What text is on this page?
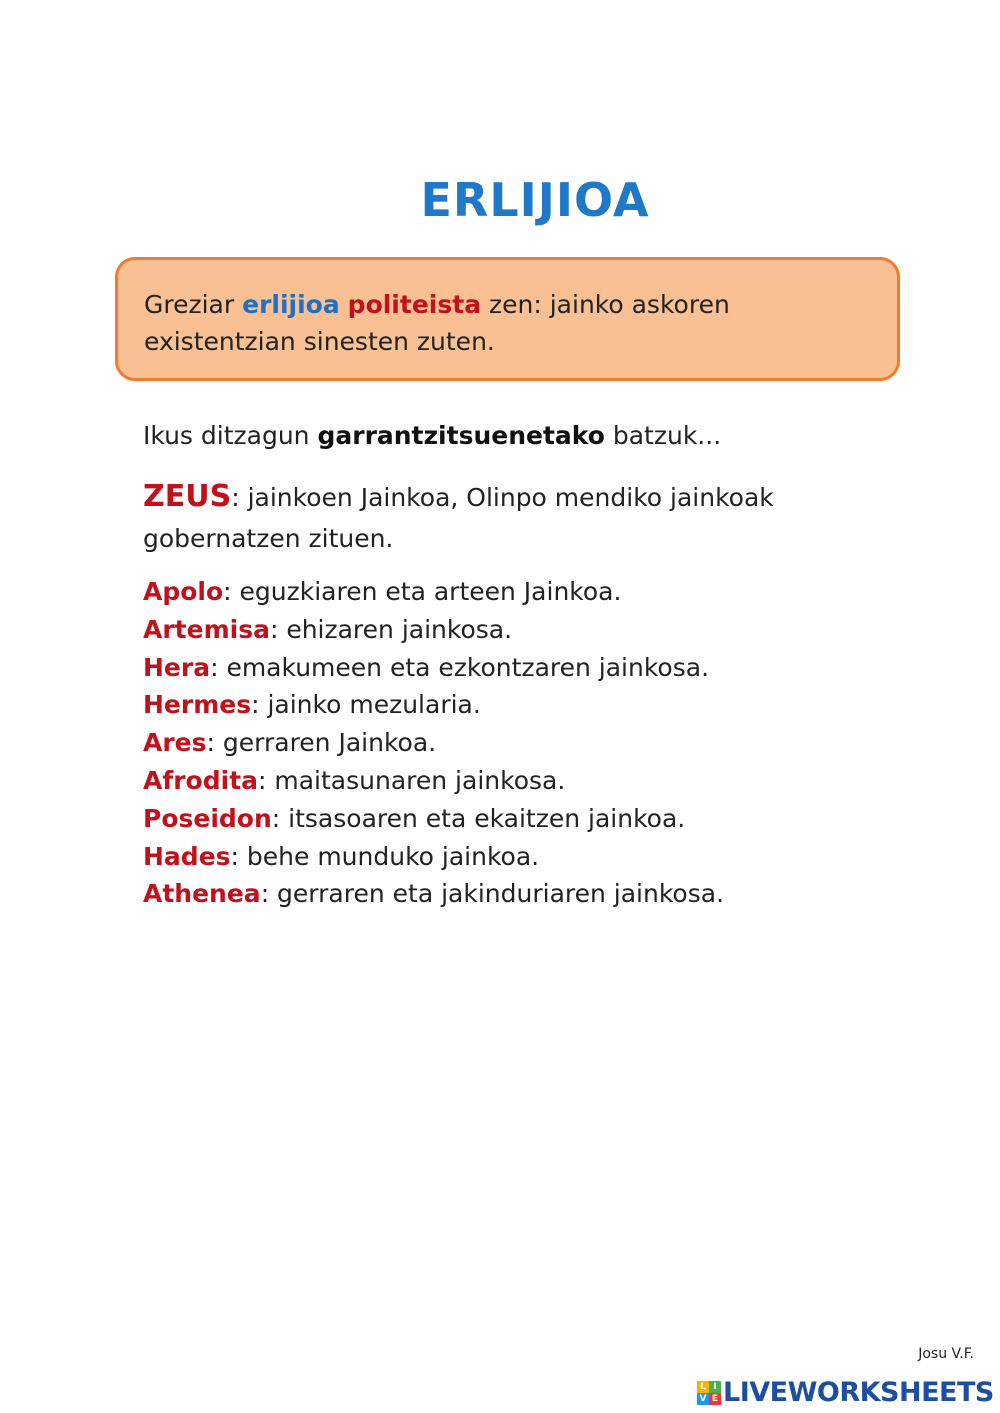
ERLIJIOA
Greziar erlijioa politeista zen: jainko askoren existentzian sinesten zuten.

Ikus ditzagun garrantzitsuenetako batzuk...

ZEUS: jainkoen Jainkoa, Olinpo mendiko jainkoak gobernatzen zituen.

Apolo: eguzkiaren eta arteen Jainkoa.
Artemisa: ehizaren jainkosa.
Hera: emakumeen eta ezkontzaren jainkosa.
Hermes: jainko mezularia.
Ares: gerraren Jainkoa.
Afrodita: maitasunaren jainkosa.
Poseidon: itsasoaren eta ekaitzen jainkoa.
Hades: behe munduko jainkoa.
Athenea: gerraren eta jakinduriaren jainkosa.
Josu V.F.
L I
V E LIVEWORKSHEETS
